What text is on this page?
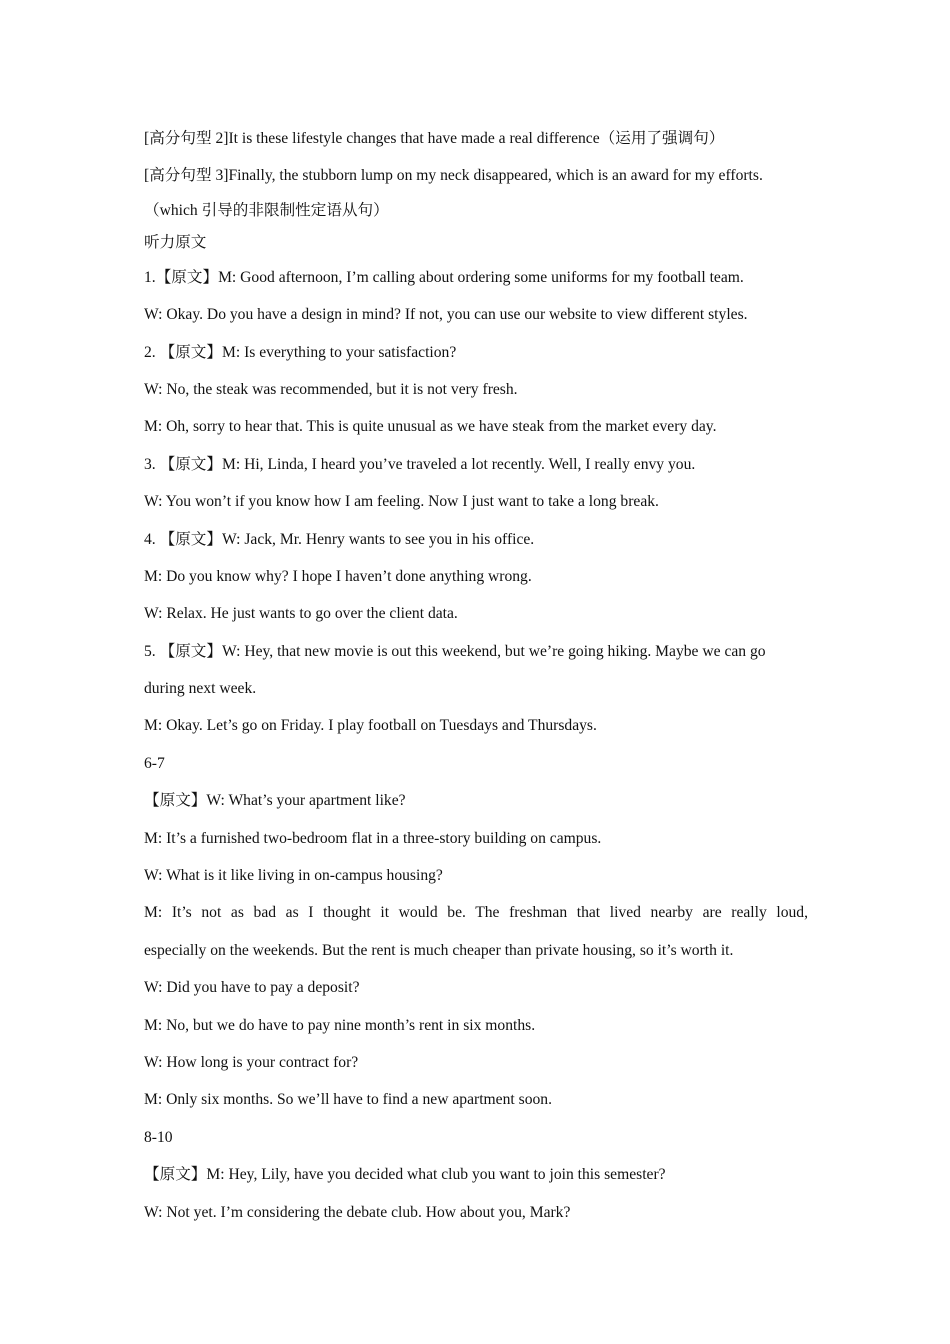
[高分句型 2]It is these lifestyle changes that have made a real difference（运用了强调句）
[高分句型 3]Finally, the stubborn lump on my neck disappeared, which is an award for my efforts.
（which 引导的非限制性定语从句）
听力原文
1.【原文】M: Good afternoon, I’m calling about ordering some uniforms for my football team.
W: Okay. Do you have a design in mind? If not, you can use our website to view different styles.
2. 【原文】M: Is everything to your satisfaction?
W: No, the steak was recommended, but it is not very fresh.
M: Oh, sorry to hear that. This is quite unusual as we have steak from the market every day.
3. 【原文】M: Hi, Linda, I heard you’ve traveled a lot recently. Well, I really envy you.
W: You won’t if you know how I am feeling. Now I just want to take a long break.
4. 【原文】W: Jack, Mr. Henry wants to see you in his office.
M: Do you know why? I hope I haven’t done anything wrong.
W: Relax. He just wants to go over the client data.
5. 【原文】W: Hey, that new movie is out this weekend, but we’re going hiking. Maybe we can go
during next week.
M: Okay. Let’s go on Friday. I play football on Tuesdays and Thursdays.
6-7
【原文】W: What’s your apartment like?
M: It’s a furnished two-bedroom flat in a three-story building on campus.
W: What is it like living in on-campus housing?
M: It’s not as bad as I thought it would be. The freshman that lived nearby are really loud,
especially on the weekends. But the rent is much cheaper than private housing, so it’s worth it.
W: Did you have to pay a deposit?
M: No, but we do have to pay nine month’s rent in six months.
W: How long is your contract for?
M: Only six months. So we’ll have to find a new apartment soon.
8-10
【原文】M: Hey, Lily, have you decided what club you want to join this semester?
W: Not yet. I’m considering the debate club. How about you, Mark?
